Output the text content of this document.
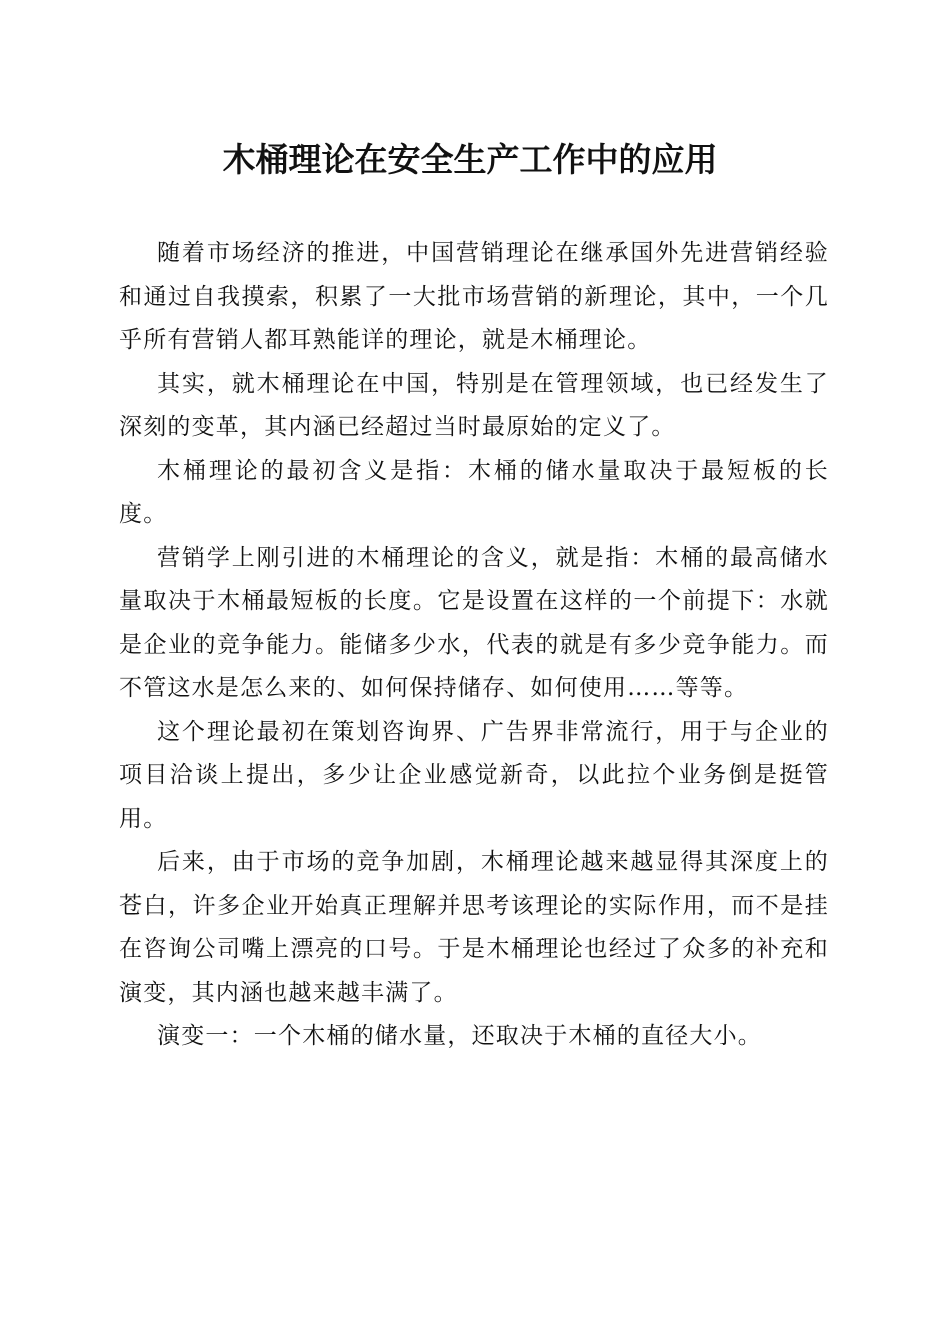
木桶理论在安全生产工作中的应用

随着市场经济的推进，中国营销理论在继承国外先进营销经验和通过自我摸索，积累了一大批市场营销的新理论，其中，一个几乎所有营销人都耳熟能详的理论，就是木桶理论。

其实，就木桶理论在中国，特别是在管理领域，也已经发生了深刻的变革，其内涵已经超过当时最原始的定义了。

木桶理论的最初含义是指：木桶的储水量取决于最短板的长度。

营销学上刚引进的木桶理论的含义，就是指：木桶的最高储水量取决于木桶最短板的长度。它是设置在这样的一个前提下：水就是企业的竞争能力。能储多少水，代表的就是有多少竞争能力。而不管这水是怎么来的、如何保持储存、如何使用……等等。

这个理论最初在策划咨询界、广告界非常流行，用于与企业的项目洽谈上提出，多少让企业感觉新奇，以此拉个业务倒是挺管用。

后来，由于市场的竞争加剧，木桶理论越来越显得其深度上的苍白，许多企业开始真正理解并思考该理论的实际作用，而不是挂在咨询公司嘴上漂亮的口号。于是木桶理论也经过了众多的补充和演变，其内涵也越来越丰满了。

演变一：一个木桶的储水量，还取决于木桶的直径大小。
